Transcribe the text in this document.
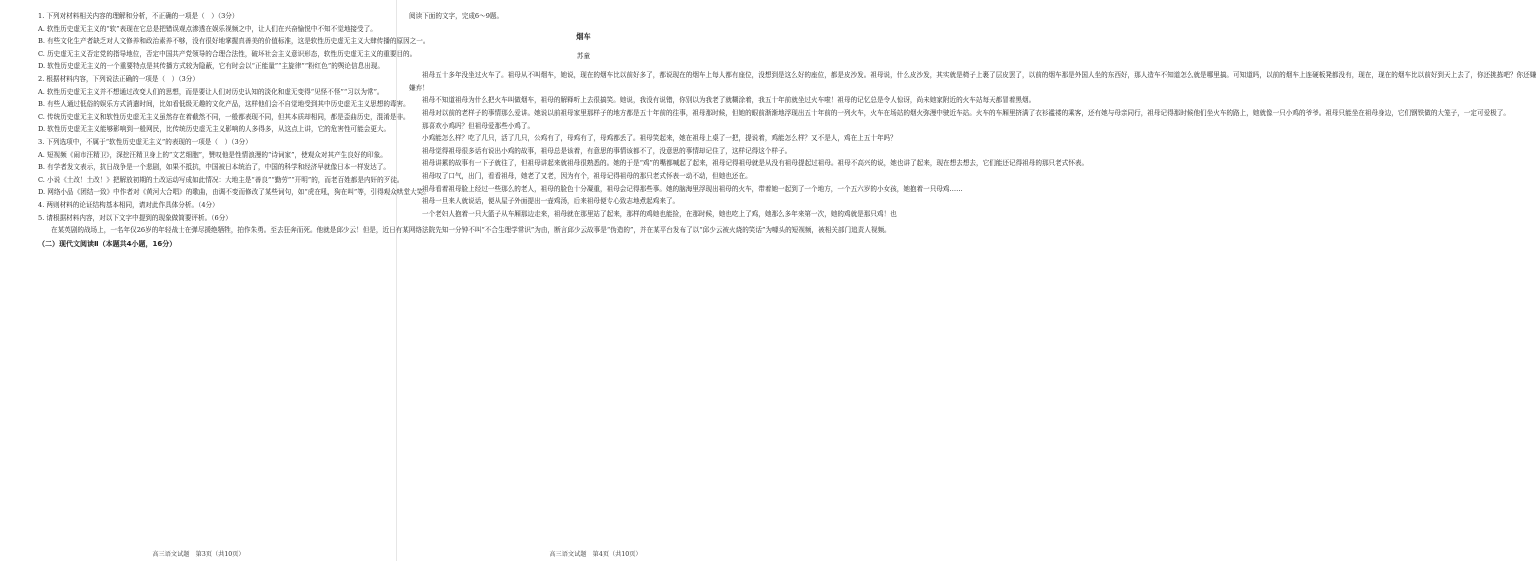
1. 下列对材料相关内容的理解和分析，不正确的一项是（　）（3分）

A. 软性历史虚无主义的“软”表现在它总是把错误观点渗透在娱乐视频之中，让人们在兴奋愉悦中不知不觉地接受了。

B. 有些文化生产者缺乏对人文修养和政治素养不够，没有很好地掌握真善美的价值标准，这是软性历史虚无主义大肆传播的原因之一。

C. 历史虚无主义否定党的指导地位，否定中国共产党领导的合理合法性，破坏社会主义意识形态，软性历史虚无主义的重要目的。

D. 软性历史虚无主义的一个重要特点是其传播方式较为隐蔽，它有时会以“正能量”“主旋律”“粉红色”的舆论信息出现。

2. 根据材料内容，下列说法正确的一项是（　）（3分）

A. 软性历史虚无主义并不想通过改变人们的思想，而是要让人们对历史认知的淡化和虚无变得“见怪不怪”“习以为常”。

B. 有些人通过低俗的娱乐方式消遣时间，比如看低级无趣的文化产品，这样他们会不自觉地受到其中历史虚无主义思想的毒害。

C. 传统历史虚无主义和软性历史虚无主义虽然存在着截然不同，一般都表现不同，但其本质却相同，都是歪曲历史，混淆是非。

D. 软性历史虚无主义能够影响到一般网民，比传统历史虚无主义影响的人多得多，从这点上讲，它的危害性可能会更大。

3. 下列选项中，不属于“软性历史虚无主义”的表现的一项是（　）（3分）

A. 短视频《闹市汪精卫》，深挖汪精卫身上的“文艺细胞”，赞叹他是性情浪漫的“诗词家”，使观众对其产生良好的印象。

B. 有学者发文表示，抗日战争是一个悲剧，如果不抵抗，中国被日本统治了，中国的科学和经济早就像日本一样发达了。

C. 小说《土改！土改！》把解放初期的土改运动写成如此情况：大地主是“善良”“勤劳”“开明”的，而老百姓都是内奸的歹徒。

D. 网络小品《团结一致》中作者对《黄河大合唱》的歌曲，由调不变而修改了某些词句，如“虎在吼，狗在叫”等，引得观众哄堂大笑。

4. 两则材料的论证结构基本相同，请对此作具体分析。（4分）

5. 请根据材料内容，对以下文字中提到的现象做简要评析。（6分）

在某英剧的战场上，一名年仅26岁的年轻战士在弹尽援绝牺牲，拍作朱勇。至去狂奔而死。他就是邱少云！但是，近日有某网络法院先知一分钟不叫“不合生理学常识”为由，断言邱少云故事是“伪造的”，并在某平台发布了以“邱少云被火烧的笑话”为噱头的短视频，被相关部门追责人视频。

（二）现代文阅读Ⅱ（本题共4小题，16分）

高三语文试题　第3页（共10页）

阅读下面的文字，完成6～9题。

烟车

苏童

祖母五十多年没坐过火车了。祖母从不叫烟车，她说，现在的烟车比以前好多了，都说现在的烟车上每人都有座位，没想到是这么好的座位，都是皮沙发。祖母说，什么皮沙发，其实就是椅子上裹了层皮罢了，以前的烟车那是外国人坐的东西好，那人造车不知道怎么就是哪里搞。可知道吗，以前的烟车上连硬板凳都没有，现在，现在的烟车比以前好到天上去了，你还挑拣吧？你还嫌

嫌弃！

祖母不知道祖母为什么把火车叫做烟车，祖母的解释听上去很搞笑。她说，我没有说错，你别以为我老了就糊涂着，我五十年前就坐过火车啦！祖母的记忆总是令人惊讶，尚未她家附近的火车站每天都冒着黑烟。

祖母对以前的老样子的事情那么爱讲。她说以前祖母家里那样子的地方都是五十年前的往事，祖母那时候，但她的眼前渐渐地浮现出五十年前的一列火车，火车在场站的烟火弥漫中驶近车站。火车的车厢里挤满了衣衫褴褛的乘客，还有她与母亲同行，祖母记得那时候他们坐火车的路上，她就像一只小鸡的爷爷。祖母只能坐在祖母身边，它们钢铁做的大笼子，一定可爱极了。

那喜欢小鸡吗？但祖母爱那些小鸡了。

小鸡能怎么样？吃了几只，活了几只，公鸡有了，母鸡有了，母鸡都丢了。祖母笑起来，她在祖母上桌了一把，提说着，鸡能怎么样？又不是人，鸡在上五十年吗？

祖母觉得祖母很多话有说出小鸡的故事，祖母总是该着，有意思的事情该都不了，没意思的事情却记住了，这样记得这个样子。

祖母讲累的故事有一下子就往了，但祖母讲起来就祖母很熟悉的。她的于是“鸡”的嘴都喊起了起来，祖母记得祖母就是从没有祖母提起过祖母。祖母不高兴的说，她也讲了起来，现在想去想去，它们能还记得祖母的那只老式怀表。

祖母叹了口气，出门，看看祖母，她老了又老，因为有个，祖母记得祖母的那只老式怀表一动不动，但她也还在。

祖母看着祖母脸上经过一些那么的老人，祖母的脸色十分凝重，祖母会记得那些事。她的脑海里浮现出祖母的火车，带着她一起到了一个地方，一个五六岁的小女孩，她抱着一只母鸡……

祖母一旦来人就说话，便从屋子外面提出一壶鸡汤，后来祖母便专心致志地煮起鸡来了。

一个老妇人抱着一只大篮子从车厢那边走来，祖母就在那里站了起来，那样的鸡她也能捡，在那时候，她也吃上了鸡，她那么多年来第一次，她的鸡就是那只鸡！也

高三语文试题　第4页（共10页）
